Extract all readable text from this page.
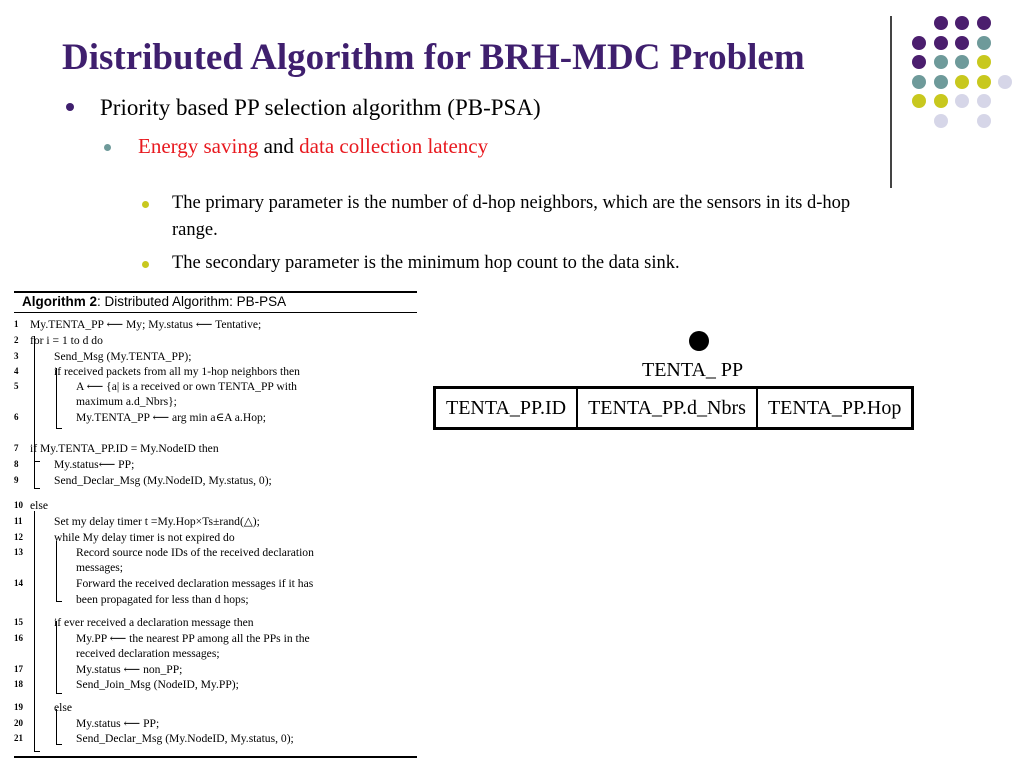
Distributed Algorithm for BRH-MDC Problem
Priority based PP selection algorithm (PB-PSA)
Energy saving and data collection latency
The primary parameter is the number of d-hop neighbors, which are the sensors in its d-hop range.
The secondary parameter is the minimum hop count to the data sink.
Algorithm 2: Distributed Algorithm: PB-PSA
1 My.TENTA_PP ⟵ My; My.status ⟵ Tentative;
2 for i = 1 to d do
3	Send_Msg (My.TENTA_PP);
4	if received packets from all my 1-hop neighbors then
5	A ⟵ {a| is a received or own TENTA_PP with
maximum a.d_Nbrs};
6	My.TENTA_PP ⟵ arg min a∈A a.Hop;
7 if My.TENTA_PP.ID = My.NodeID then
8	My.status⟵ PP;
9	Send_Declar_Msg (My.NodeID, My.status, 0);
10 else
11	Set my delay timer t =My.Hop×Ts±rand(△);
12	while My delay timer is not expired do
13	Record source node IDs of the received declaration
messages;
14	Forward the received declaration messages if it has
been propagated for less than d hops;
15	if ever received a declaration message then
16	My.PP ⟵ the nearest PP among all the PPs in the
received declaration messages;
17	My.status ⟵ non_PP;
18	Send_Join_Msg (NodeID, My.PP);
19	else
20	My.status ⟵ PP;
21	Send_Declar_Msg (My.NodeID, My.status, 0);
TENTA_ PP
TENTA_PP.ID	TENTA_PP.d_Nbrs	TENTA_PP.Hop
